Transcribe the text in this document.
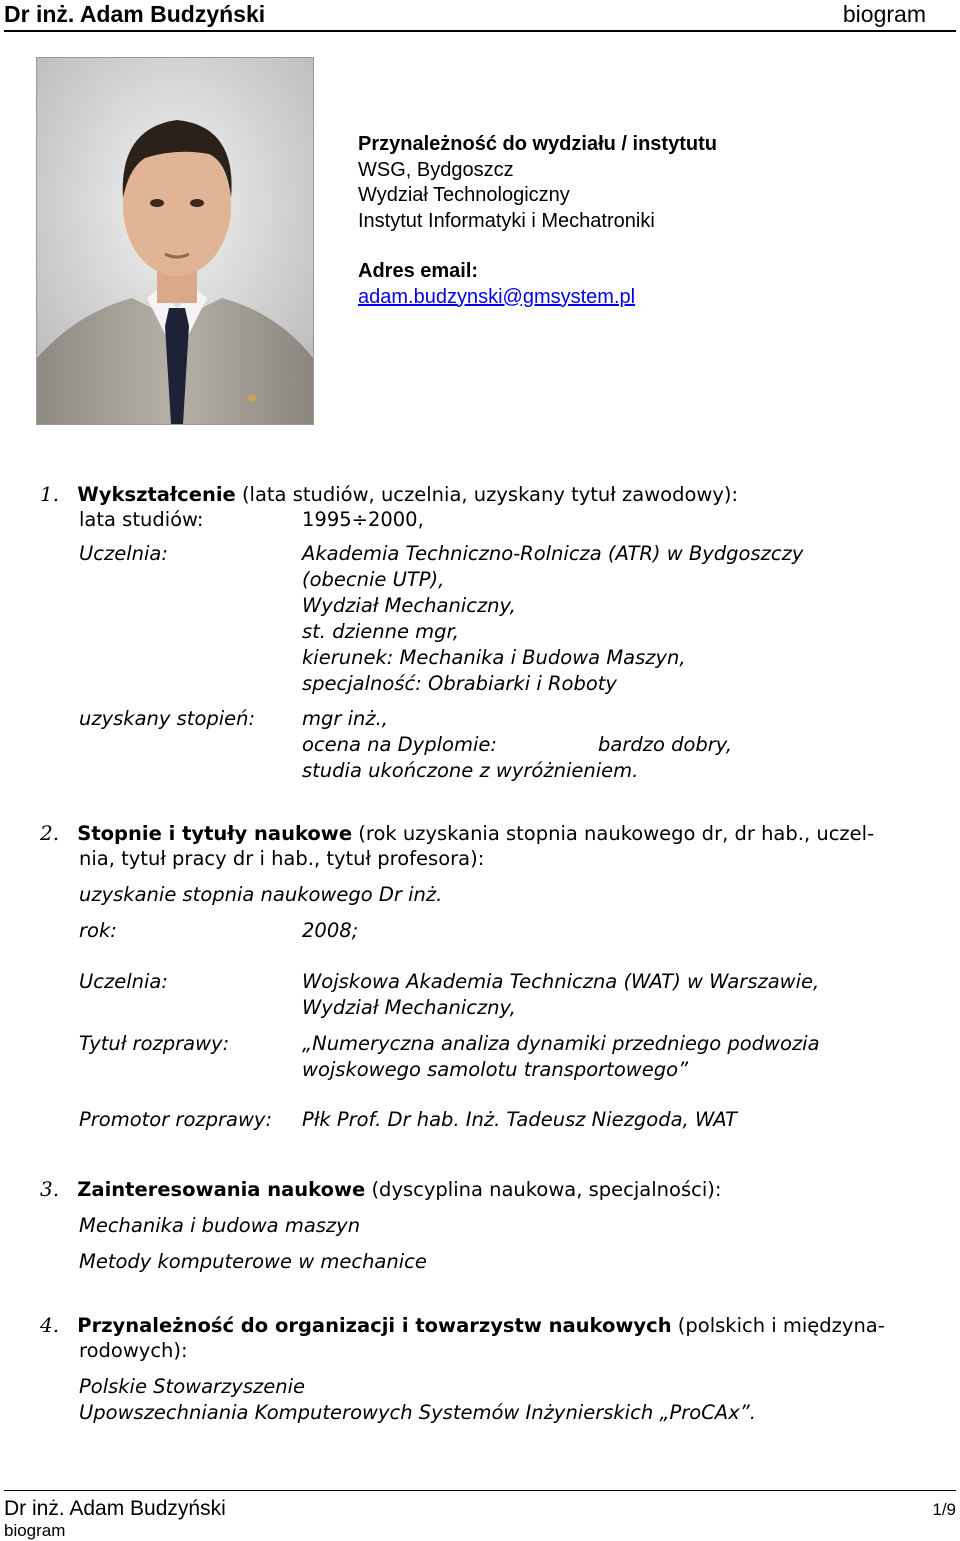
Dr inż. Adam Budzyński	biogram
Przynależność do wydziału / instytutu
WSG, Bydgoszcz
Wydział Technologiczny
Instytut Informatyki i Mechatroniki
Adres email:
adam.budzynski@gmsystem.pl
1. Wykształcenie (lata studiów, uczelnia, uzyskany tytuł zawodowy):
lata studiów:	1995÷2000,
Uczelnia:	Akademia Techniczno-Rolnicza (ATR) w Bydgoszczy
(obecnie UTP),
Wydział Mechaniczny,
st. dzienne mgr,
kierunek: Mechanika i Budowa Maszyn,
specjalność: Obrabiarki i Roboty
uzyskany stopień: mgr inż.,
ocena na Dyplomie:	bardzo dobry,
studia ukończone z wyróżnieniem.
2. Stopnie i tytuły naukowe (rok uzyskania stopnia naukowego dr, dr hab., uczel-
nia, tytuł pracy dr i hab., tytuł profesora):
uzyskanie stopnia naukowego Dr inż.
rok:	2008;
Uczelnia:	Wojskowa Akademia Techniczna (WAT) w Warszawie,
Wydział Mechaniczny,
Tytuł rozprawy:	„Numeryczna analiza dynamiki przedniego podwozia
wojskowego samolotu transportowego”
Promotor rozprawy: Płk Prof. Dr hab. Inż. Tadeusz Niezgoda, WAT
3. Zainteresowania naukowe (dyscyplina naukowa, specjalności):
Mechanika i budowa maszyn
Metody komputerowe w mechanice
4. Przynależność do organizacji i towarzystw naukowych (polskich i międzyna-
rodowych):
Polskie Stowarzyszenie
Upowszechniania Komputerowych Systemów Inżynierskich „ProCAx”.
Dr inż. Adam Budzyński
biogram
1/9
